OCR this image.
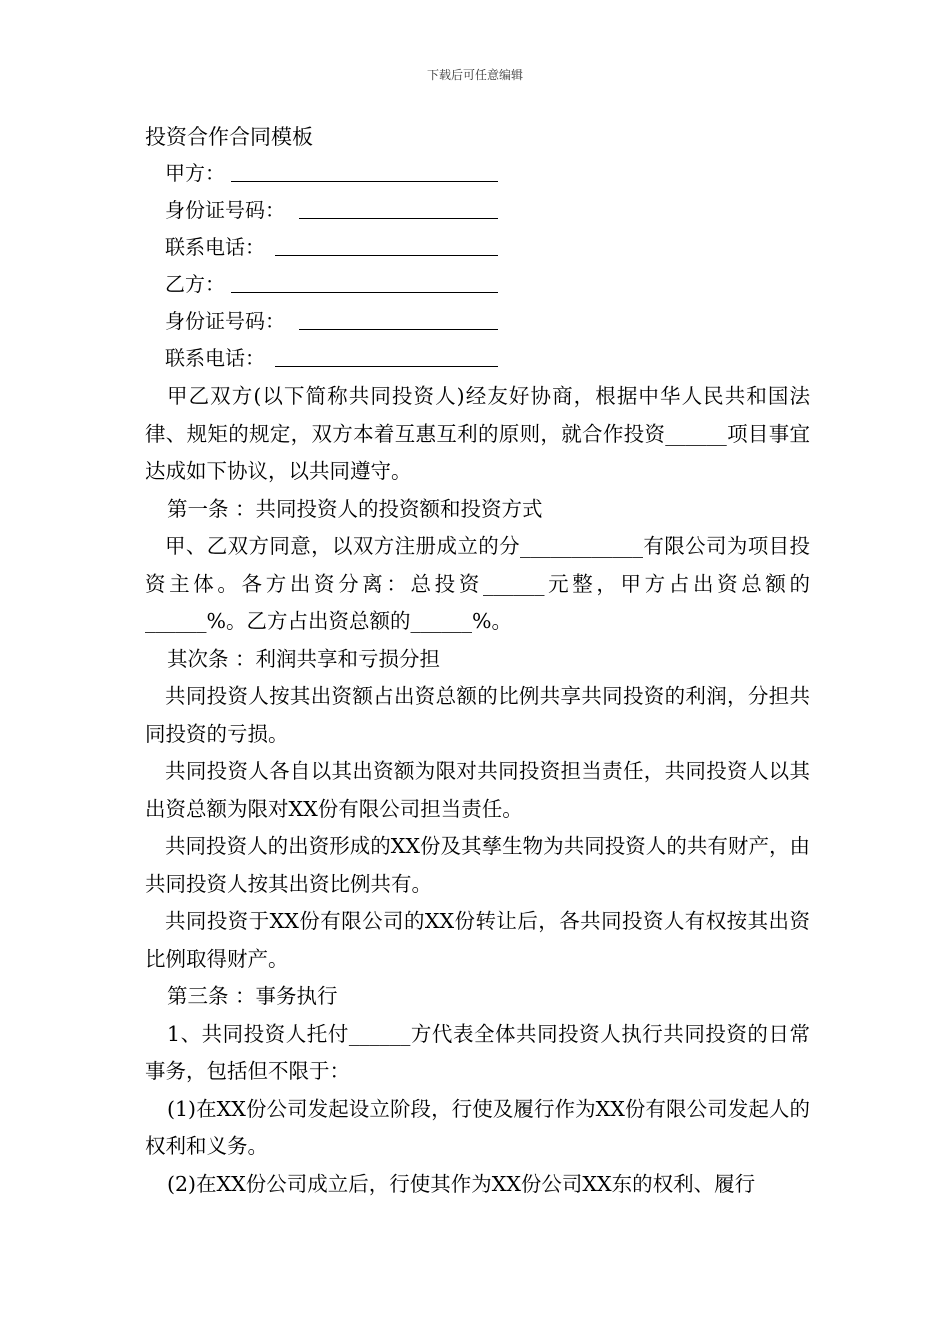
下载后可任意编辑
投资合作合同模板
甲方：
身份证号码：
联系电话：
乙方：
身份证号码：
联系电话：

甲乙双方(以下简称共同投资人)经友好协商，根据中华人民共和国法律、规矩的规定，双方本着互惠互利的原则，就合作投资______项目事宜达成如下协议，以共同遵守。

第一条 ：共同投资人的投资额和投资方式

甲、乙双方同意，以双方注册成立的分____________有限公司为项目投资主体。各方出资分离：总投资______元整，甲方占出资总额的______%。乙方占出资总额的______%。

其次条 ：利润共享和亏损分担

共同投资人按其出资额占出资总额的比例共享共同投资的利润，分担共同投资的亏损。

共同投资人各自以其出资额为限对共同投资担当责任，共同投资人以其出资总额为限对XX份有限公司担当责任。

共同投资人的出资形成的XX份及其孳生物为共同投资人的共有财产，由共同投资人按其出资比例共有。

共同投资于XX份有限公司的XX份转让后，各共同投资人有权按其出资比例取得财产。

第三条 ：事务执行

1、共同投资人托付______方代表全体共同投资人执行共同投资的日常事务，包括但不限于：

(1)在XX份公司发起设立阶段，行使及履行作为XX份有限公司发起人的权利和义务。

(2)在XX份公司成立后，行使其作为XX份公司XX东的权利、履行
